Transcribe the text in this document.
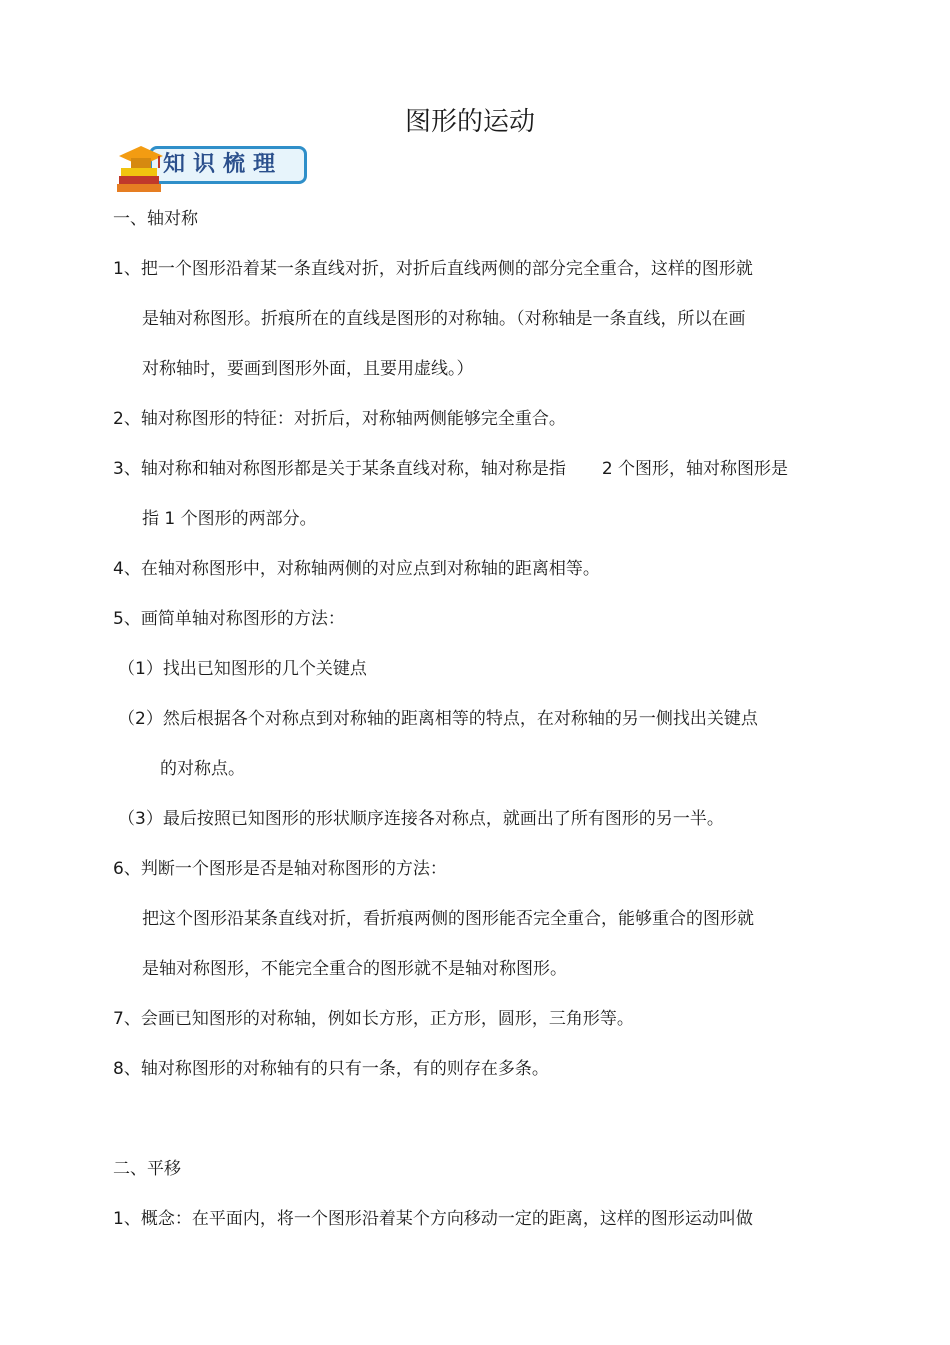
图形的运动
知识梳理
一、轴对称
1、把一个图形沿着某一条直线对折，对折后直线两侧的部分完全重合，这样的图形就
是轴对称图形。折痕所在的直线是图形的对称轴。（对称轴是一条直线，所以在画
对称轴时，要画到图形外面，且要用虚线。）
2、轴对称图形的特征：对折后，对称轴两侧能够完全重合。
3、轴对称和轴对称图形都是关于某条直线对称，轴对称是指 2 个图形，轴对称图形是
指 1 个图形的两部分。
4、在轴对称图形中，对称轴两侧的对应点到对称轴的距离相等。
5、画简单轴对称图形的方法：
（1）找出已知图形的几个关键点
（2）然后根据各个对称点到对称轴的距离相等的特点，在对称轴的另一侧找出关键点
的对称点。
（3）最后按照已知图形的形状顺序连接各对称点，就画出了所有图形的另一半。
6、判断一个图形是否是轴对称图形的方法：
把这个图形沿某条直线对折，看折痕两侧的图形能否完全重合，能够重合的图形就
是轴对称图形，不能完全重合的图形就不是轴对称图形。
7、会画已知图形的对称轴，例如长方形，正方形，圆形，三角形等。
8、轴对称图形的对称轴有的只有一条，有的则存在多条。
二、平移
1、概念：在平面内，将一个图形沿着某个方向移动一定的距离，这样的图形运动叫做
